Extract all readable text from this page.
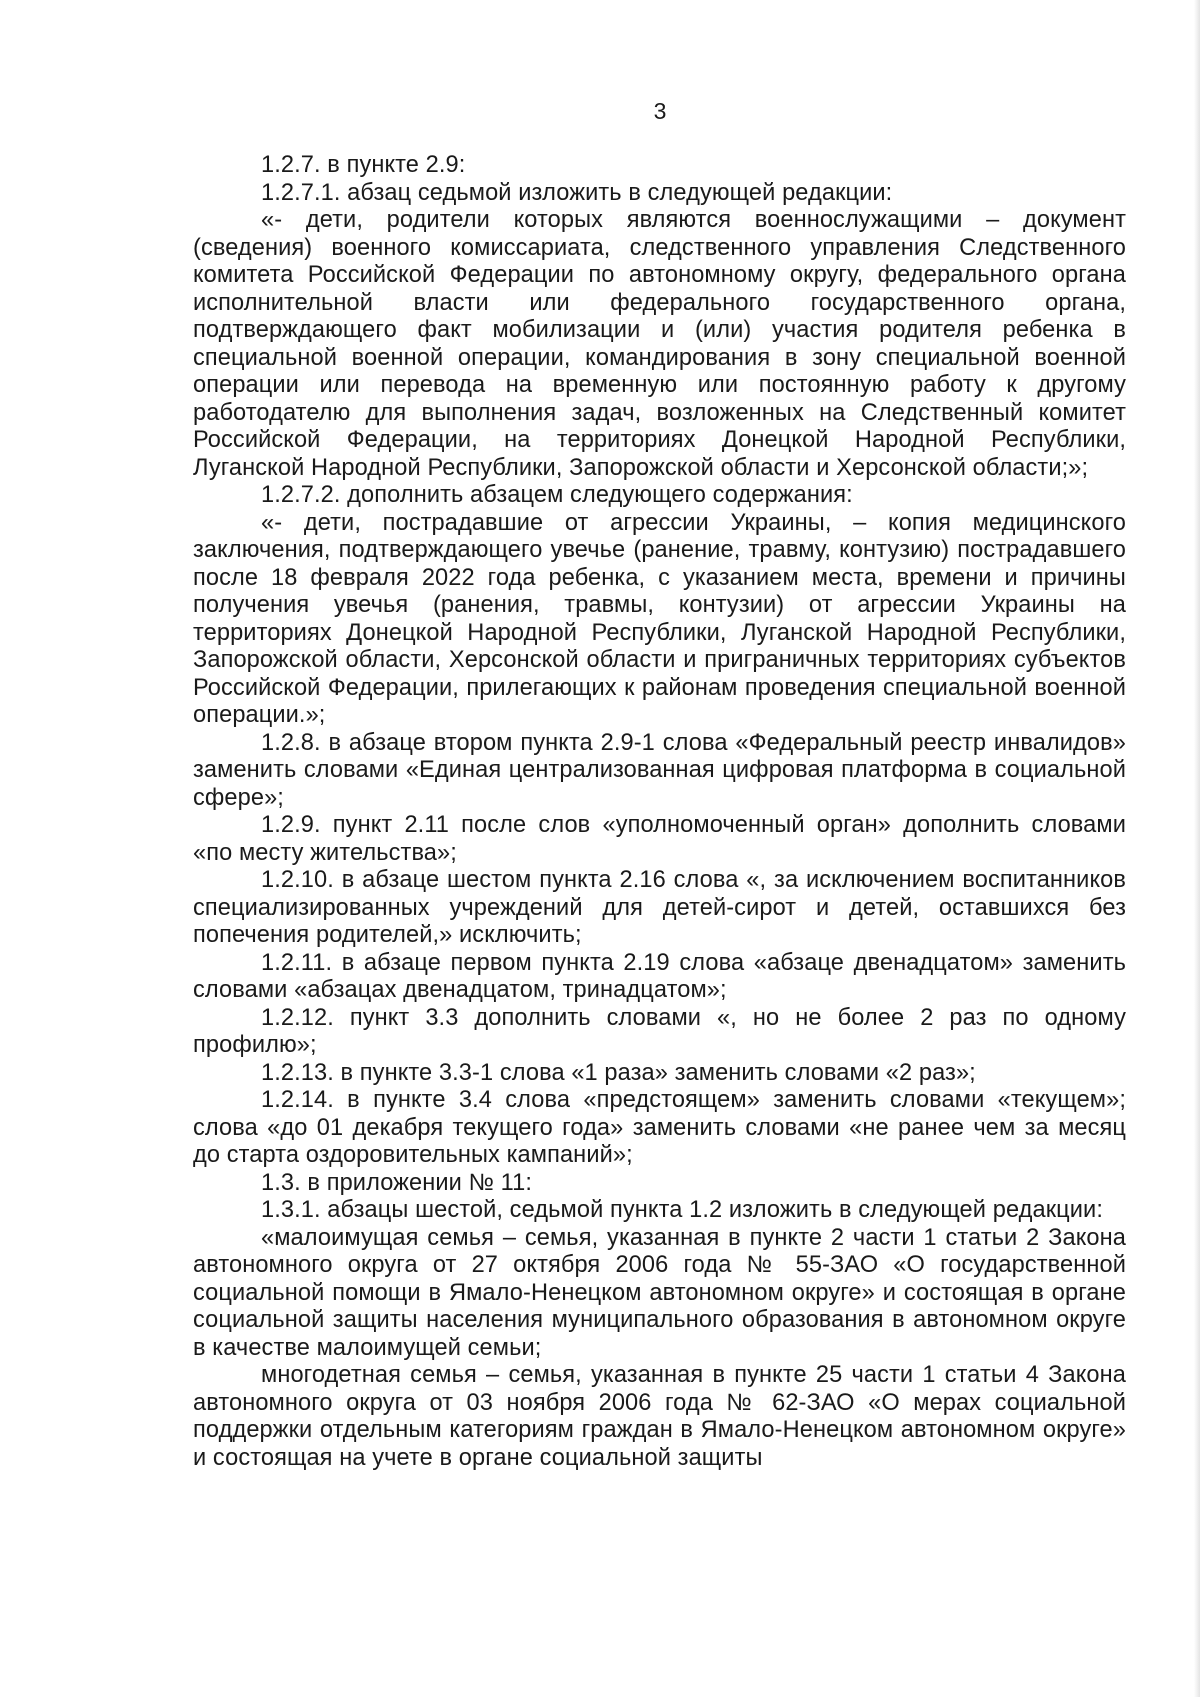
3

1.2.7. в пункте 2.9:

1.2.7.1. абзац седьмой изложить в следующей редакции:

«- дети, родители которых являются военнослужащими – документ (сведения) военного комиссариата, следственного управления Следственного комитета Российской Федерации по автономному округу, федерального органа исполнительной власти или федерального государственного органа, подтверждающего факт мобилизации и (или) участия родителя ребенка в специальной военной операции, командирования в зону специальной военной операции или перевода на временную или постоянную работу к другому работодателю для выполнения задач, возложенных на Следственный комитет Российской Федерации, на территориях Донецкой Народной Республики, Луганской Народной Республики, Запорожской области и Херсонской области;»;

1.2.7.2. дополнить абзацем следующего содержания:

«- дети, пострадавшие от агрессии Украины, – копия медицинского заключения, подтверждающего увечье (ранение, травму, контузию) пострадавшего после 18 февраля 2022 года ребенка, с указанием места, времени и причины получения увечья (ранения, травмы, контузии) от агрессии Украины на территориях Донецкой Народной Республики, Луганской Народной Республики, Запорожской области, Херсонской области и приграничных территориях субъектов Российской Федерации, прилегающих к районам проведения специальной военной операции.»;

1.2.8. в абзаце втором пункта 2.9-1 слова «Федеральный реестр инвалидов» заменить словами «Единая централизованная цифровая платформа в социальной сфере»;

1.2.9. пункт 2.11 после слов «уполномоченный орган» дополнить словами «по месту жительства»;

1.2.10. в абзаце шестом пункта 2.16 слова «, за исключением воспитанников специализированных учреждений для детей-сирот и детей, оставшихся без попечения родителей,» исключить;

1.2.11. в абзаце первом пункта 2.19 слова «абзаце двенадцатом» заменить словами «абзацах двенадцатом, тринадцатом»;

1.2.12. пункт 3.3 дополнить словами «, но не более 2 раз по одному профилю»;

1.2.13. в пункте 3.3-1 слова «1 раза» заменить словами «2 раз»;

1.2.14. в пункте 3.4 слова «предстоящем» заменить словами «текущем»; слова «до 01 декабря текущего года» заменить словами «не ранее чем за месяц до старта оздоровительных кампаний»;

1.3. в приложении № 11:

1.3.1. абзацы шестой, седьмой пункта 1.2 изложить в следующей редакции:

«малоимущая семья – семья, указанная в пункте 2 части 1 статьи 2 Закона автономного округа от 27 октября 2006 года № 55-ЗАО «О государственной социальной помощи в Ямало-Ненецком автономном округе» и состоящая в органе социальной защиты населения муниципального образования в автономном округе в качестве малоимущей семьи;

многодетная семья – семья, указанная в пункте 25 части 1 статьи 4 Закона автономного округа от 03 ноября 2006 года № 62-ЗАО «О мерах социальной поддержки отдельным категориям граждан в Ямало-Ненецком автономном округе» и состоящая на учете в органе социальной защиты
